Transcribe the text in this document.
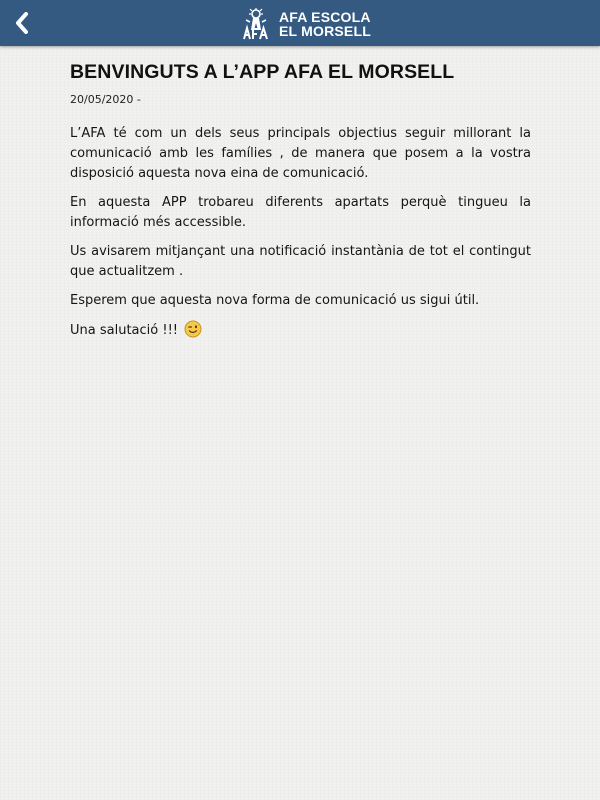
AFA ESCOLA
EL MORSELL
BENVINGUTS A L’APP AFA EL MORSELL
20/05/2020 -

L’AFA té com un dels seus principals objectius seguir millorant la comunicació amb les famílies , de manera que posem a la vostra disposició aquesta nova eina de comunicació.

En aquesta APP trobareu diferents apartats perquè tingueu la informació més accessible.

Us avisarem mitjançant una notificació instantània de tot el contingut que actualitzem .

Esperem que aquesta nova forma de comunicació us sigui útil.

Una salutació !!!
